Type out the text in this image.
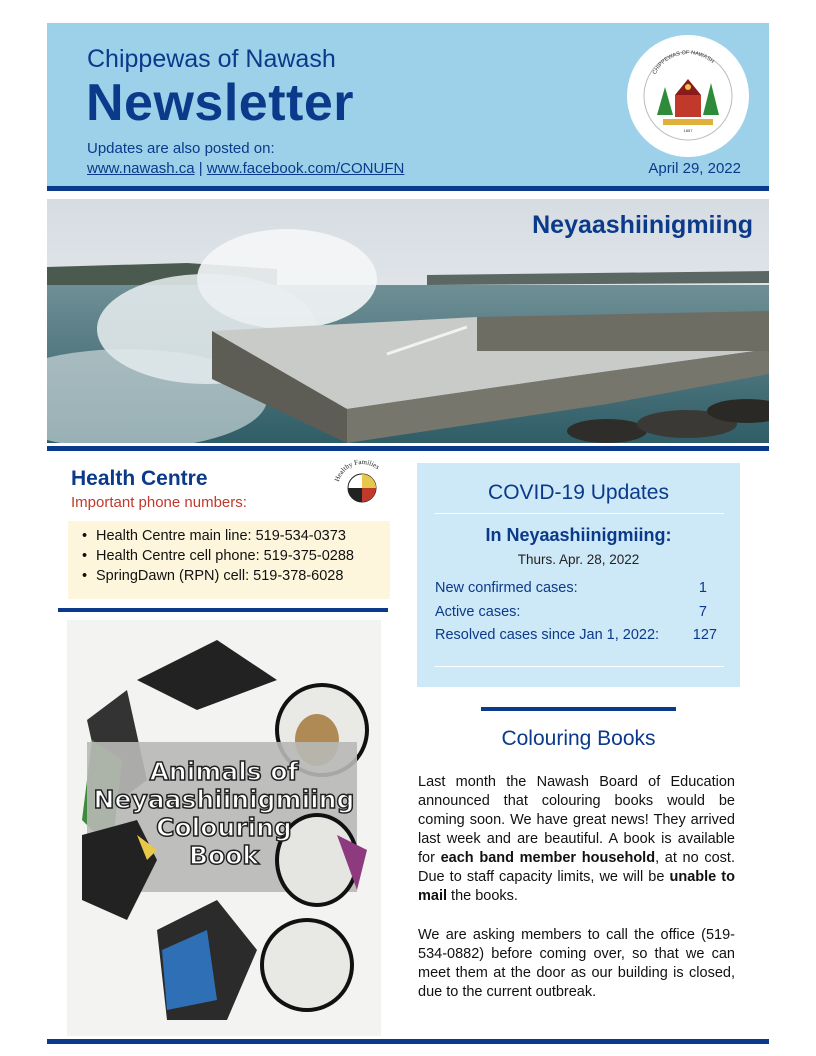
Chippewas of Nawash
Newsletter
Updates are also posted on:
www.nawash.ca | www.facebook.com/CONUFN	April 29, 2022
CHIPPEWAS OF NAWASH
1857
Neyaashiinigmiing
Health Centre
Important phone numbers:
Healthy Families
• Health Centre main line: 519-534-0373
• Health Centre cell phone: 519-375-0288
• SpringDawn (RPN) cell: 519-378-6028
Animals of
Neyaashiinigmiing
Colouring
Book
COVID-19 Updates
In Neyaashiinigmiing:
Thurs. Apr. 28, 2022
New confirmed cases:	1
Active cases:	7
Resolved cases since Jan 1, 2022: 127
Colouring Books
Last month the Nawash Board of Education announced that colouring books would be coming soon. We have great news! They arrived last week and are beautiful. A book is available for each band member household, at no cost. Due to staff capacity limits, we will be unable to mail the books.
We are asking members to call the office (519-534-0882) before coming over, so that we can meet them at the door as our building is closed, due to the current outbreak.
